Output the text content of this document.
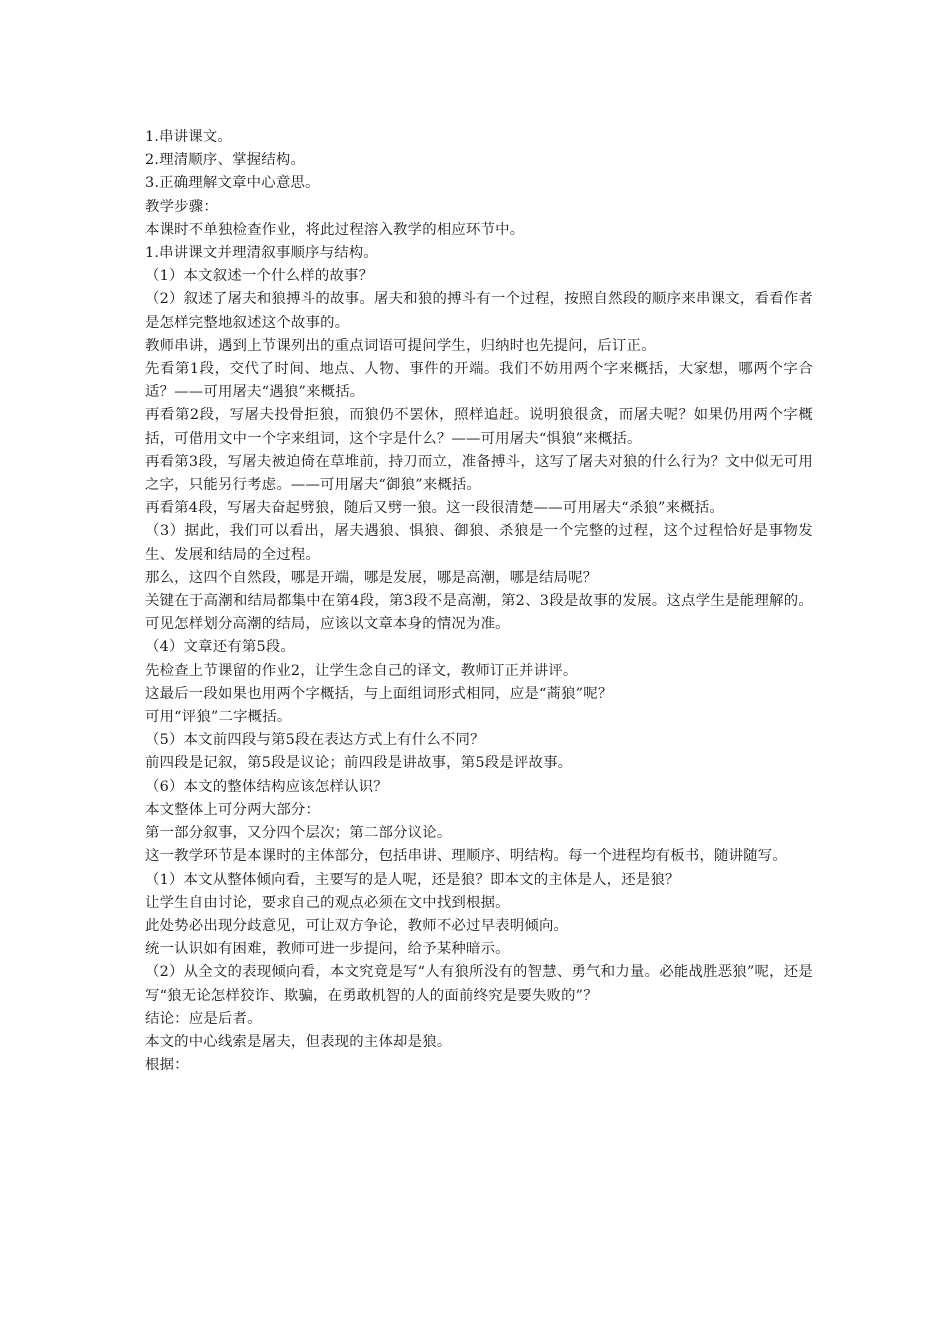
1.串讲课文。

2.理清顺序、掌握结构。

3.正确理解文章中心意思。

教学步骤：

本课时不单独检查作业，将此过程溶入教学的相应环节中。

1.串讲课文并理清叙事顺序与结构。

（1）本文叙述一个什么样的故事？

（2）叙述了屠夫和狼搏斗的故事。屠夫和狼的搏斗有一个过程，按照自然段的顺序来串课文，看看作者是怎样完整地叙述这个故事的。

教师串讲，遇到上节课列出的重点词语可提问学生，归纳时也先提问，后订正。

先看第1段，交代了时间、地点、人物、事件的开端。我们不妨用两个字来概括，大家想，哪两个字合适？——可用屠夫“遇狼”来概括。

再看第2段，写屠夫投骨拒狼，而狼仍不罢休，照样追赶。说明狼很贪，而屠夫呢？如果仍用两个字概括，可借用文中一个字来组词，这个字是什么？——可用屠夫“惧狼”来概括。

再看第3段，写屠夫被迫倚在草堆前，持刀而立，准备搏斗，这写了屠夫对狼的什么行为？文中似无可用之字，只能另行考虑。——可用屠夫“御狼”来概括。

再看第4段，写屠夫奋起劈狼，随后又劈一狼。这一段很清楚——可用屠夫“杀狼”来概括。

（3）据此，我们可以看出，屠夫遇狼、惧狼、御狼、杀狼是一个完整的过程，这个过程恰好是事物发生、发展和结局的全过程。

那么，这四个自然段，哪是开端，哪是发展，哪是高潮，哪是结局呢？

关键在于高潮和结局都集中在第4段，第3段不是高潮，第2、3段是故事的发展。这点学生是能理解的。可见怎样划分高潮的结局，应该以文章本身的情况为准。

（4）文章还有第5段。

先检查上节课留的作业2，让学生念自己的译文，教师订正并讲评。

这最后一段如果也用两个字概括，与上面组词形式相同，应是“蔏狼”呢？

可用“评狼”二字概括。

（5）本文前四段与第5段在表达方式上有什么不同？

前四段是记叙，第5段是议论；前四段是讲故事，第5段是评故事。

（6）本文的整体结构应该怎样认识？

本文整体上可分两大部分：

第一部分叙事，又分四个层次；第二部分议论。

这一教学环节是本课时的主体部分，包括串讲、理顺序、明结构。每一个进程均有板书，随讲随写。

（1）本文从整体倾向看，主要写的是人呢，还是狼？即本文的主体是人，还是狼？

让学生自由讨论，要求自己的观点必须在文中找到根据。

此处势必出现分歧意见，可让双方争论，教师不必过早表明倾向。

统一认识如有困难，教师可进一步提问，给予某种暗示。

（2）从全文的表现倾向看，本文究竟是写“人有狼所没有的智慧、勇气和力量。必能战胜恶狼”呢，还是写“狼无论怎样狡诈、欺骗，在勇敢机智的人的面前终究是要失败的”？

结论：应是后者。

本文的中心线索是屠夫，但表现的主体却是狼。

根据：
